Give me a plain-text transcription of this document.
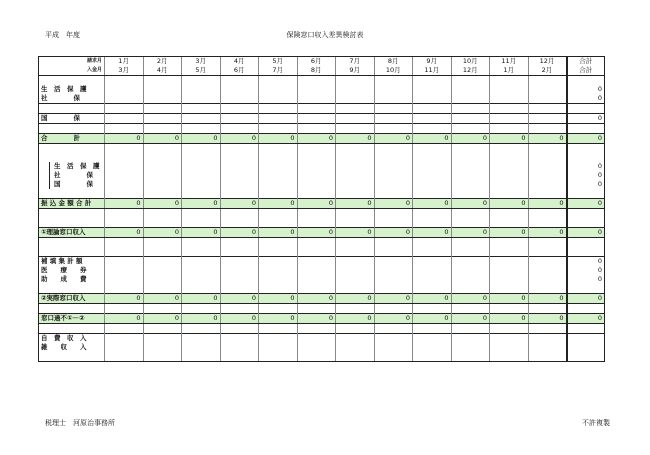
平成　年度	保険窓口収入差異検討表
請求月	1月	2月	3月	4月	5月	6月	7月	8月	9月	10月	11月	12月	合計
入金月	3月	4月	5月	6月	7月	8月	9月	10月	11月	12月	1月	2月	合計

生　活　保　護													0
社　　　　保													0

国　　　　保													0

合　　　　計	0	0	0	0	0	0	0	0	0	0	0	0	0

生　活　保　護													0
社　　　　保													0
国　　　　保													0

振 込 金 額 合 計	0	0	0	0	0	0	0	0	0	0	0	0	0

①理論窓口収入	0	0	0	0	0	0	0	0	0	0	0	0	0

補 填 集 計 額													0
医　　療　　券													0
助　　成　　費													0

②実際窓口収入	0	0	0	0	0	0	0	0	0	0	0	0	0

窓口過不①－②	0	0	0	0	0	0	0	0	0	0	0	0	0

自　費　収　入													
雑　　収　　入													

税理士　河原治事務所	不許複製
